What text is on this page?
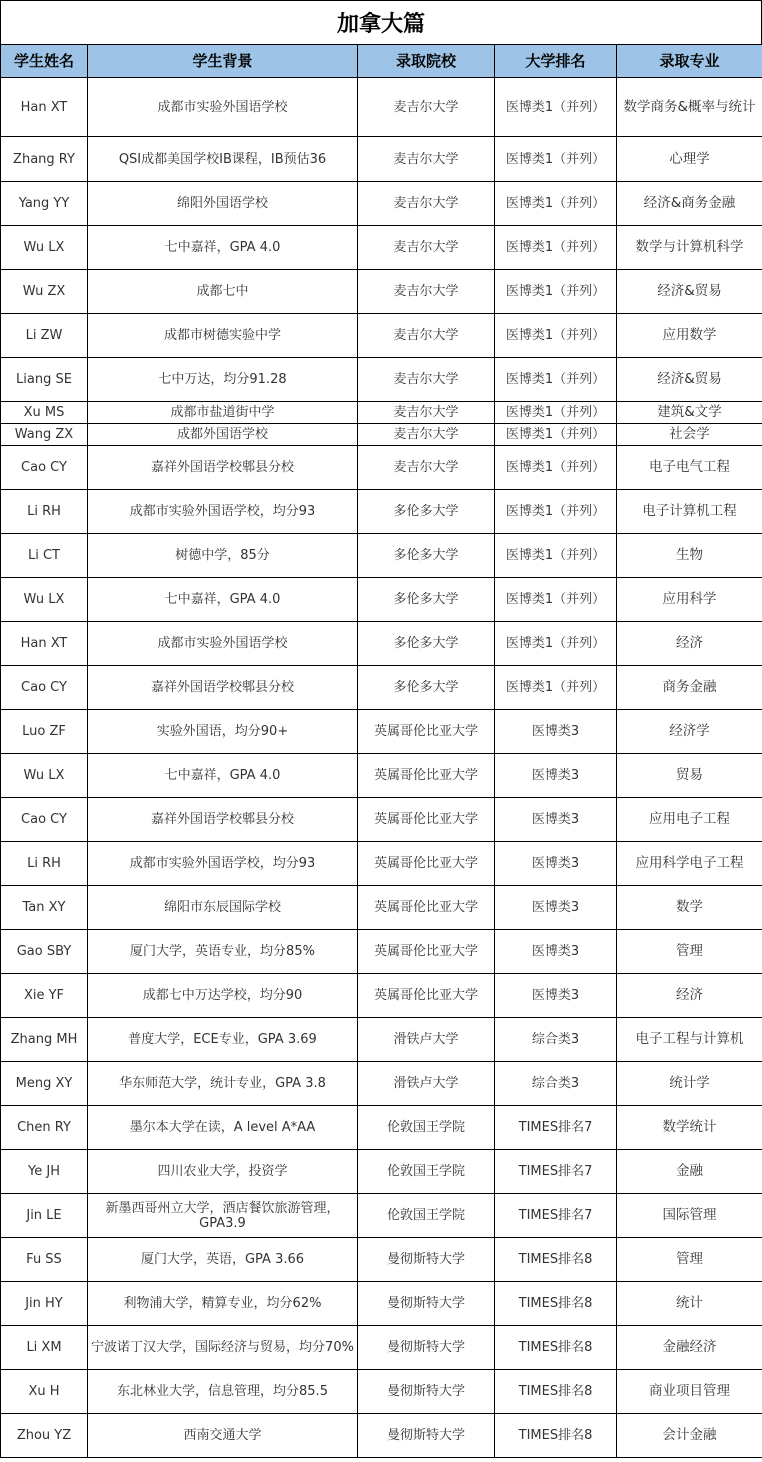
加拿大篇
学生姓名	学生背景	录取院校	大学排名	录取专业
Han XT	成都市实验外国语学校	麦吉尔大学	医博类1（并列）	数学商务&概率与统计
Zhang RY	QSI成都美国学校IB课程，IB预估36	麦吉尔大学	医博类1（并列）	心理学
Yang YY	绵阳外国语学校	麦吉尔大学	医博类1（并列）	经济&商务金融
Wu LX	七中嘉祥，GPA 4.0	麦吉尔大学	医博类1（并列）	数学与计算机科学
Wu ZX	成都七中	麦吉尔大学	医博类1（并列）	经济&贸易
Li ZW	成都市树德实验中学	麦吉尔大学	医博类1（并列）	应用数学
Liang SE	七中万达，均分91.28	麦吉尔大学	医博类1（并列）	经济&贸易
Xu MS	成都市盐道街中学	麦吉尔大学	医博类1（并列）	建筑&文学
Wang ZX	成都外国语学校	麦吉尔大学	医博类1（并列）	社会学
Cao CY	嘉祥外国语学校郫县分校	麦吉尔大学	医博类1（并列）	电子电气工程
Li RH	成都市实验外国语学校，均分93	多伦多大学	医博类1（并列）	电子计算机工程
Li CT	树德中学，85分	多伦多大学	医博类1（并列）	生物
Wu LX	七中嘉祥，GPA 4.0	多伦多大学	医博类1（并列）	应用科学
Han XT	成都市实验外国语学校	多伦多大学	医博类1（并列）	经济
Cao CY	嘉祥外国语学校郫县分校	多伦多大学	医博类1（并列）	商务金融
Luo ZF	实验外国语，均分90+	英属哥伦比亚大学	医博类3	经济学
Wu LX	七中嘉祥，GPA 4.0	英属哥伦比亚大学	医博类3	贸易
Cao CY	嘉祥外国语学校郫县分校	英属哥伦比亚大学	医博类3	应用电子工程
Li RH	成都市实验外国语学校，均分93	英属哥伦比亚大学	医博类3	应用科学电子工程
Tan XY	绵阳市东辰国际学校	英属哥伦比亚大学	医博类3	数学
Gao SBY	厦门大学，英语专业，均分85%	英属哥伦比亚大学	医博类3	管理
Xie YF	成都七中万达学校，均分90	英属哥伦比亚大学	医博类3	经济
Zhang MH	普度大学，ECE专业，GPA 3.69	滑铁卢大学	综合类3	电子工程与计算机
Meng XY	华东师范大学，统计专业，GPA 3.8	滑铁卢大学	综合类3	统计学
Chen RY	墨尔本大学在读，A level A*AA	伦敦国王学院	TIMES排名7	数学统计
Ye JH	四川农业大学，投资学	伦敦国王学院	TIMES排名7	金融
Jin LE	新墨西哥州立大学，酒店餐饮旅游管理，GPA3.9	伦敦国王学院	TIMES排名7	国际管理
Fu SS	厦门大学，英语，GPA 3.66	曼彻斯特大学	TIMES排名8	管理
Jin HY	利物浦大学，精算专业，均分62%	曼彻斯特大学	TIMES排名8	统计
Li XM	宁波诺丁汉大学，国际经济与贸易，均分70%	曼彻斯特大学	TIMES排名8	金融经济
Xu H	东北林业大学，信息管理，均分85.5	曼彻斯特大学	TIMES排名8	商业项目管理
Zhou YZ	西南交通大学	曼彻斯特大学	TIMES排名8	会计金融
